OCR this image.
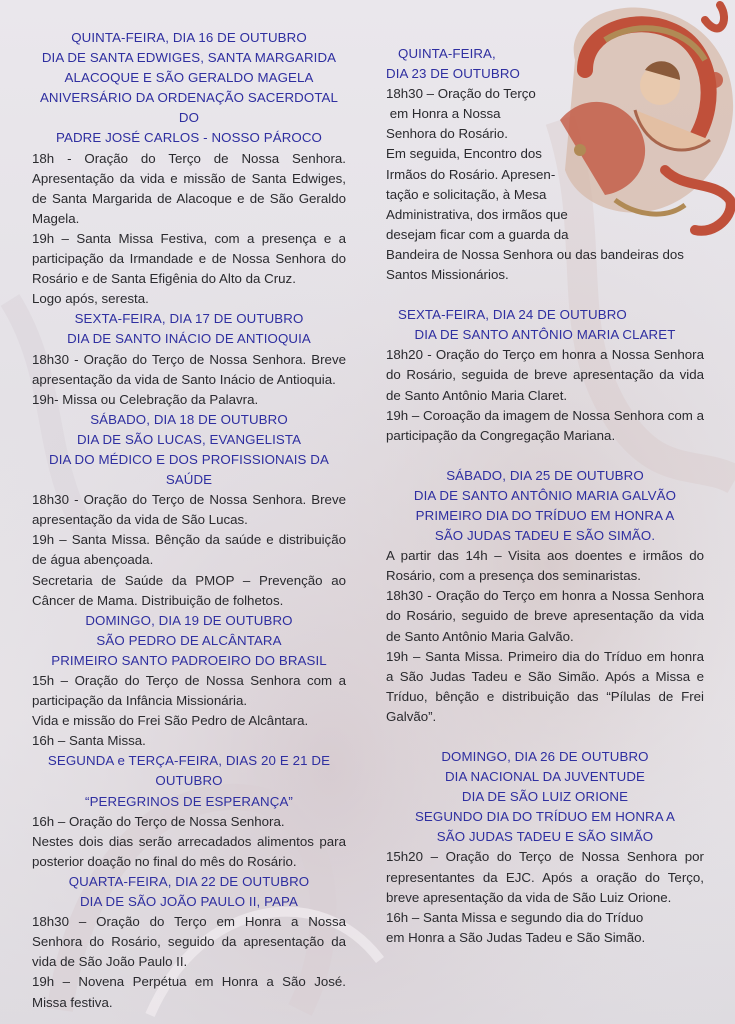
QUINTA-FEIRA, DIA 16 DE OUTUBRO
DIA DE SANTA EDWIGES, SANTA MARGARIDA
ALACOQUE E SÃO GERALDO MAGELA
ANIVERSÁRIO DA ORDENAÇÃO SACERDOTAL DO
PADRE JOSÉ CARLOS - NOSSO PÁROCO
18h - Oração do Terço de Nossa Senhora. Apresentação da vida e missão de Santa Edwiges, de Santa Margarida de Alacoque e de São Geraldo Magela.
19h – Santa Missa Festiva, com a presença e a participação da Irmandade e de Nossa Senhora do Rosário e de Santa Efigênia do Alto da Cruz.
Logo após, seresta.
SEXTA-FEIRA, DIA 17 DE OUTUBRO
DIA DE SANTO INÁCIO DE ANTIOQUIA
18h30 - Oração do Terço de Nossa Senhora. Breve apresentação da vida de Santo Inácio de Antioquia.
19h- Missa ou Celebração da Palavra.
SÁBADO, DIA 18 DE OUTUBRO
DIA DE SÃO LUCAS, EVANGELISTA
DIA DO MÉDICO E DOS PROFISSIONAIS DA SAÚDE
18h30 - Oração do Terço de Nossa Senhora. Breve apresentação da vida de São Lucas.
19h – Santa Missa. Bênção da saúde e distribuição de água abençoada.
Secretaria de Saúde da PMOP – Prevenção ao Câncer de Mama. Distribuição de folhetos.
DOMINGO, DIA 19 DE OUTUBRO
SÃO PEDRO DE ALCÂNTARA
PRIMEIRO SANTO PADROEIRO DO BRASIL
15h – Oração do Terço de Nossa Senhora com a participação da Infância Missionária.
Vida e missão do Frei São Pedro de Alcântara.
16h – Santa Missa.
SEGUNDA e TERÇA-FEIRA, DIAS 20 E 21 DE
OUTUBRO
“PEREGRINOS DE ESPERANÇA”
16h – Oração do Terço de Nossa Senhora.
Nestes dois dias serão arrecadados alimentos para posterior doação no final do mês do Rosário.
QUARTA-FEIRA, DIA 22 DE OUTUBRO
DIA DE SÃO JOÃO PAULO II, PAPA
18h30 – Oração do Terço em Honra a Nossa Senhora do Rosário, seguido da apresentação da vida de São João Paulo II.
19h – Novena Perpétua em Honra a São José. Missa festiva.
QUINTA-FEIRA,
DIA 23 DE OUTUBRO
18h30 – Oração do Terço
em Honra a Nossa
Senhora do Rosário.
Em seguida, Encontro dos
Irmãos do Rosário. Apresen-
tação e solicitação, à Mesa
Administrativa, dos irmãos que
desejam ficar com a guarda da
Bandeira de Nossa Senhora ou das bandeiras dos
Santos Missionários.
SEXTA-FEIRA, DIA 24 DE OUTUBRO
DIA DE SANTO ANTÔNIO MARIA CLARET
18h20 - Oração do Terço em honra a Nossa Senhora do Rosário, seguida de breve apresentação da vida de Santo Antônio Maria Claret.
19h – Coroação da imagem de Nossa Senhora com a participação da Congregação Mariana.
SÁBADO, DIA 25 DE OUTUBRO
DIA DE SANTO ANTÔNIO MARIA GALVÃO
PRIMEIRO DIA DO TRÍDUO EM HONRA A
SÃO JUDAS TADEU E SÃO SIMÃO.
A partir das 14h – Visita aos doentes e irmãos do Rosário, com a presença dos seminaristas.
18h30 - Oração do Terço em honra a Nossa Senhora do Rosário, seguido de breve apresentação da vida de Santo Antônio Maria Galvão.
19h – Santa Missa. Primeiro dia do Tríduo em honra a São Judas Tadeu e São Simão. Após a Missa e Tríduo, bênção e distribuição das “Pílulas de Frei Galvão”.
DOMINGO, DIA 26 DE OUTUBRO
DIA NACIONAL DA JUVENTUDE
DIA DE SÃO LUIZ ORIONE
SEGUNDO DIA DO TRÍDUO EM HONRA A
SÃO JUDAS TADEU E SÃO SIMÃO
15h20 – Oração do Terço de Nossa Senhora por representantes da EJC. Após a oração do Terço, breve apresentação da vida de São Luiz Orione.
16h – Santa Missa e segundo dia do Tríduo
em Honra a São Judas Tadeu e São Simão.
